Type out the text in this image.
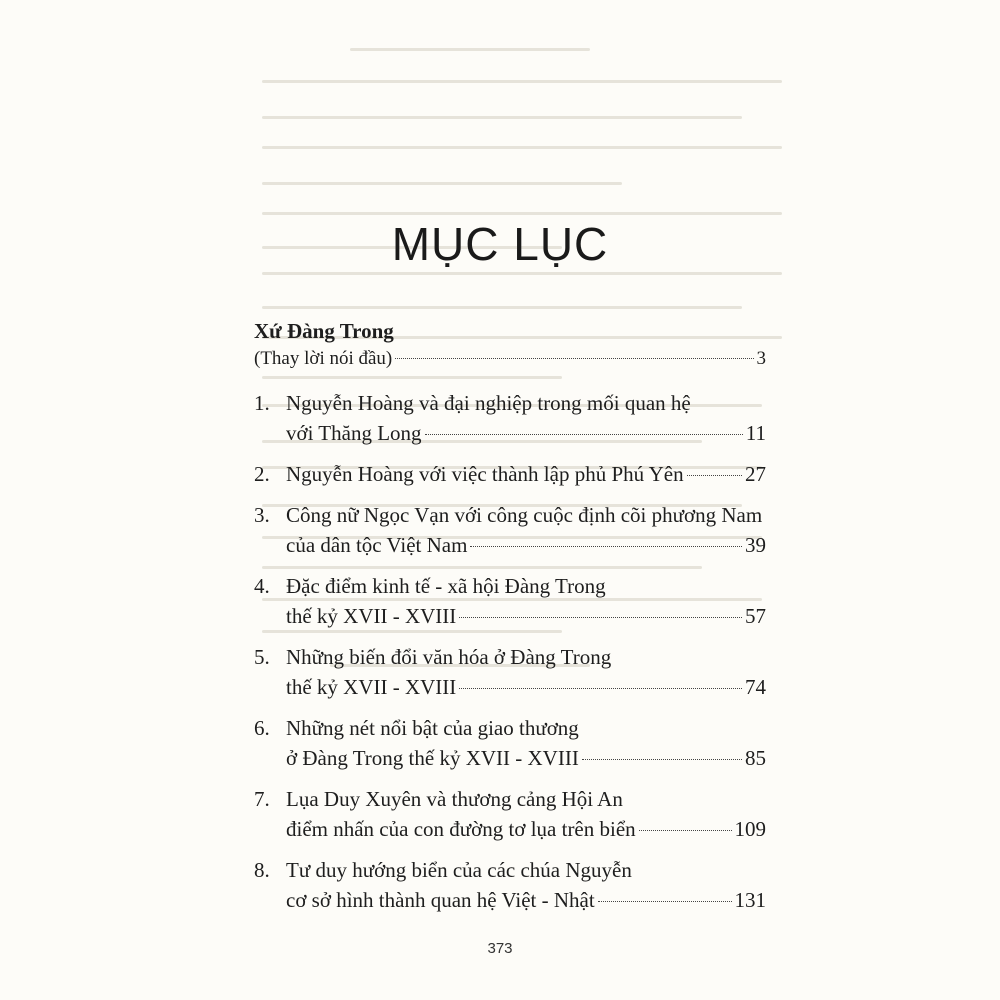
MỤC LỤC

Xứ Đàng Trong

(Thay lời nói đầu)	3
1. Nguyễn Hoàng và đại nghiệp trong mối quan hệ
với Thăng Long	11
2. Nguyễn Hoàng với việc thành lập phủ Phú Yên	27
3. Công nữ Ngọc Vạn với công cuộc định cõi phương Nam
của dân tộc Việt Nam	39
4. Đặc điểm kinh tế - xã hội Đàng Trong
thế kỷ XVII - XVIII	57
5. Những biến đổi văn hóa ở Đàng Trong
thế kỷ XVII - XVIII	74
6. Những nét nổi bật của giao thương
ở Đàng Trong thế kỷ XVII - XVIII	85
7. Lụa Duy Xuyên và thương cảng Hội An
điểm nhấn của con đường tơ lụa trên biển	109
8. Tư duy hướng biển của các chúa Nguyễn
cơ sở hình thành quan hệ Việt - Nhật	131
373
